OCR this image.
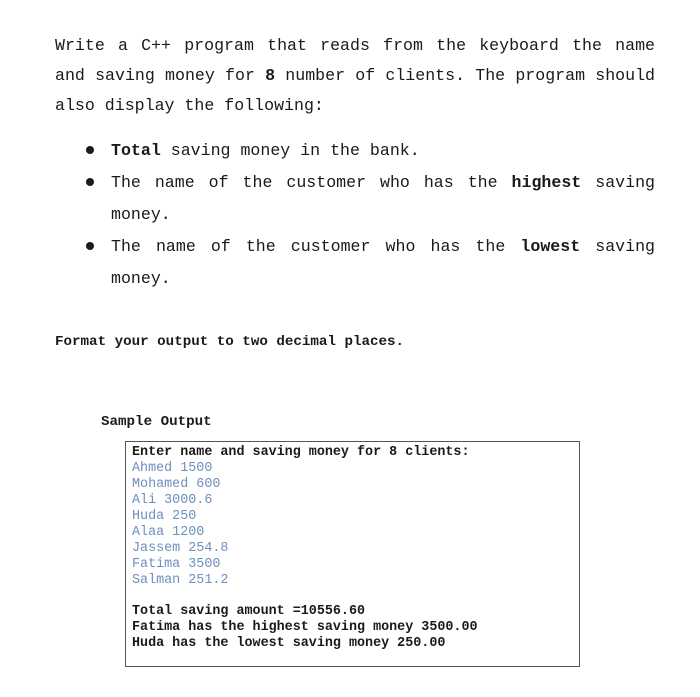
Write a C++ program that reads from the keyboard the name and saving money for 8 number of clients. The program should also display the following:

Total saving money in the bank.
The name of the customer who has the highest saving money.
The name of the customer who has the lowest saving money.

Format your output to two decimal places.

Sample Output

Enter name and saving money for 8 clients:
Ahmed 1500
Mohamed 600
Ali 3000.6
Huda 250
Alaa 1200
Jassem 254.8
Fatima 3500
Salman 251.2
Total saving amount =10556.60
Fatima has the highest saving money 3500.00
Huda has the lowest saving money 250.00
